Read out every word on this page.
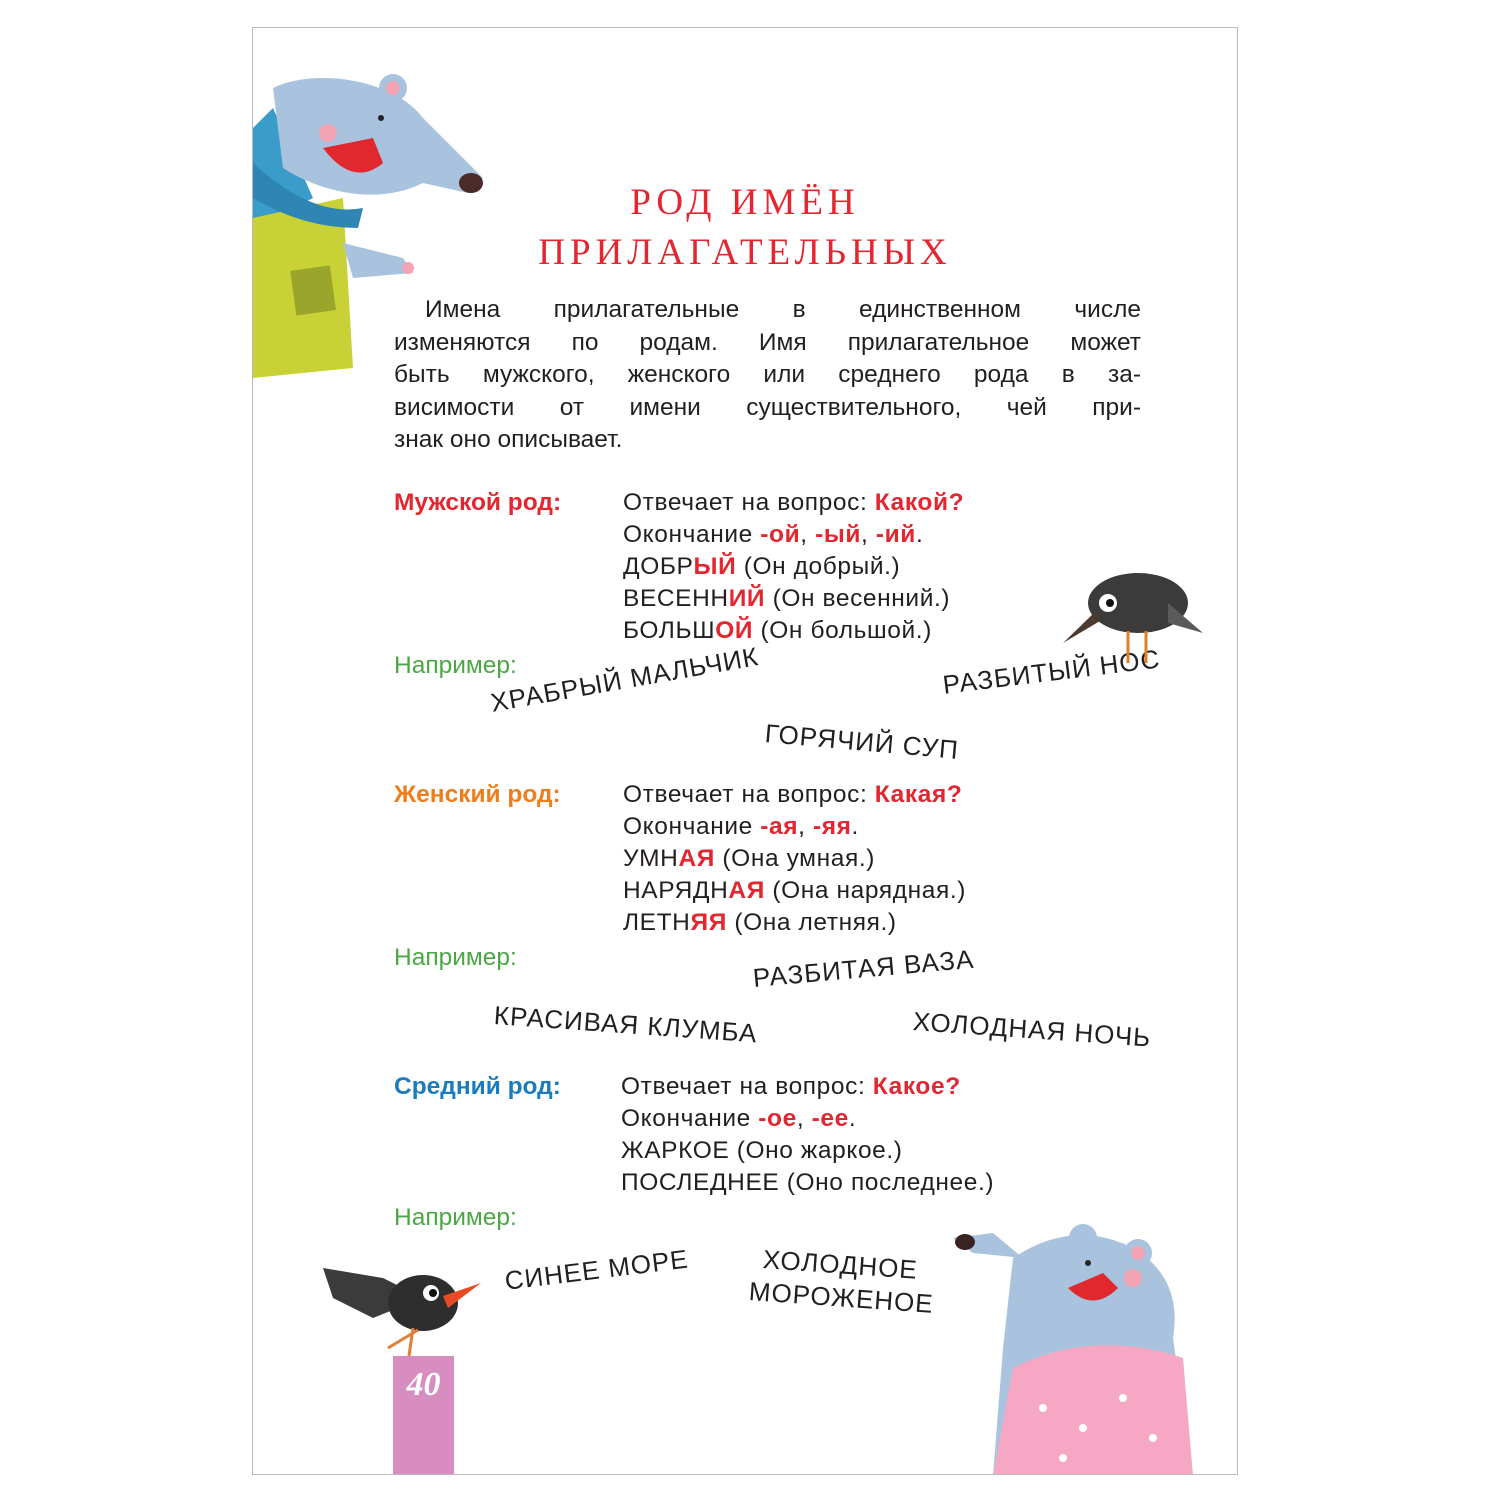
РОД ИМЁН
ПРИЛАГАТЕЛЬНЫХ
Имена прилагательные в единственном числе
изменяются по родам. Имя прилагательное может
быть мужского, женского или среднего рода в за-
висимости от имени существительного, чей при-
знак оно описывает.
Мужской род:	Отвечает на вопрос: Какой?
Окончание -ой, -ый, -ий.
ДОБРЫЙ (Он добрый.)
ВЕСЕННИЙ (Он весенний.)
БОЛЬШОЙ (Он большой.)
Например:
ХРАБРЫЙ МАЛЬЧИК	РАЗБИТЫЙ НОС
ГОРЯЧИЙ СУП
Женский род:	Отвечает на вопрос: Какая?
Окончание -ая, -яя.
УМНАЯ (Она умная.)
НАРЯДНАЯ (Она нарядная.)
ЛЕТНЯЯ (Она летняя.)
Например:	РАЗБИТАЯ ВАЗА
КРАСИВАЯ КЛУМБА	ХОЛОДНАЯ НОЧЬ
Средний род: Отвечает на вопрос: Какое?
Окончание -ое, -ее.
ЖАРКОЕ (Оно жаркое.)
ПОСЛЕДНЕЕ (Оно последнее.)
Например:
СИНЕЕ МОРЕ	ХОЛОДНОЕ
МОРОЖЕНОЕ
40
